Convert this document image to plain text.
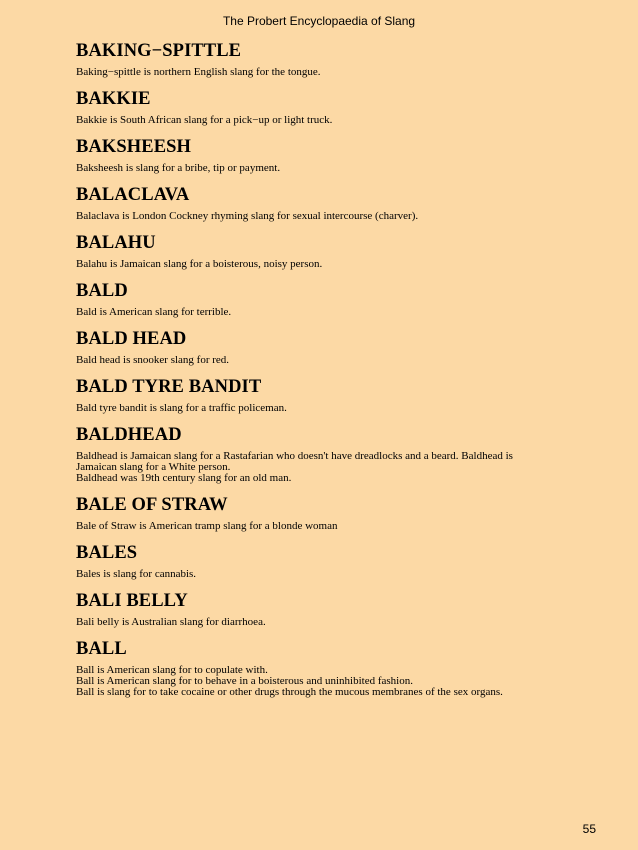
The Probert Encyclopaedia of Slang
BAKING−SPITTLE
Baking−spittle is northern English slang for the tongue.
BAKKIE
Bakkie is South African slang for a pick−up or light truck.
BAKSHEESH
Baksheesh is slang for a bribe, tip or payment.
BALACLAVA
Balaclava is London Cockney rhyming slang for sexual intercourse (charver).
BALAHU
Balahu is Jamaican slang for a boisterous, noisy person.
BALD
Bald is American slang for terrible.
BALD HEAD
Bald head is snooker slang for red.
BALD TYRE BANDIT
Bald tyre bandit is slang for a traffic policeman.
BALDHEAD
Baldhead is Jamaican slang for a Rastafarian who doesn't have dreadlocks and a beard. Baldhead is
Jamaican slang for a White person.
Baldhead was 19th century slang for an old man.
BALE OF STRAW
Bale of Straw is American tramp slang for a blonde woman
BALES
Bales is slang for cannabis.
BALI BELLY
Bali belly is Australian slang for diarrhoea.
BALL
Ball is American slang for to copulate with.
Ball is American slang for to behave in a boisterous and uninhibited fashion.
Ball is slang for to take cocaine or other drugs through the mucous membranes of the sex organs.
55
